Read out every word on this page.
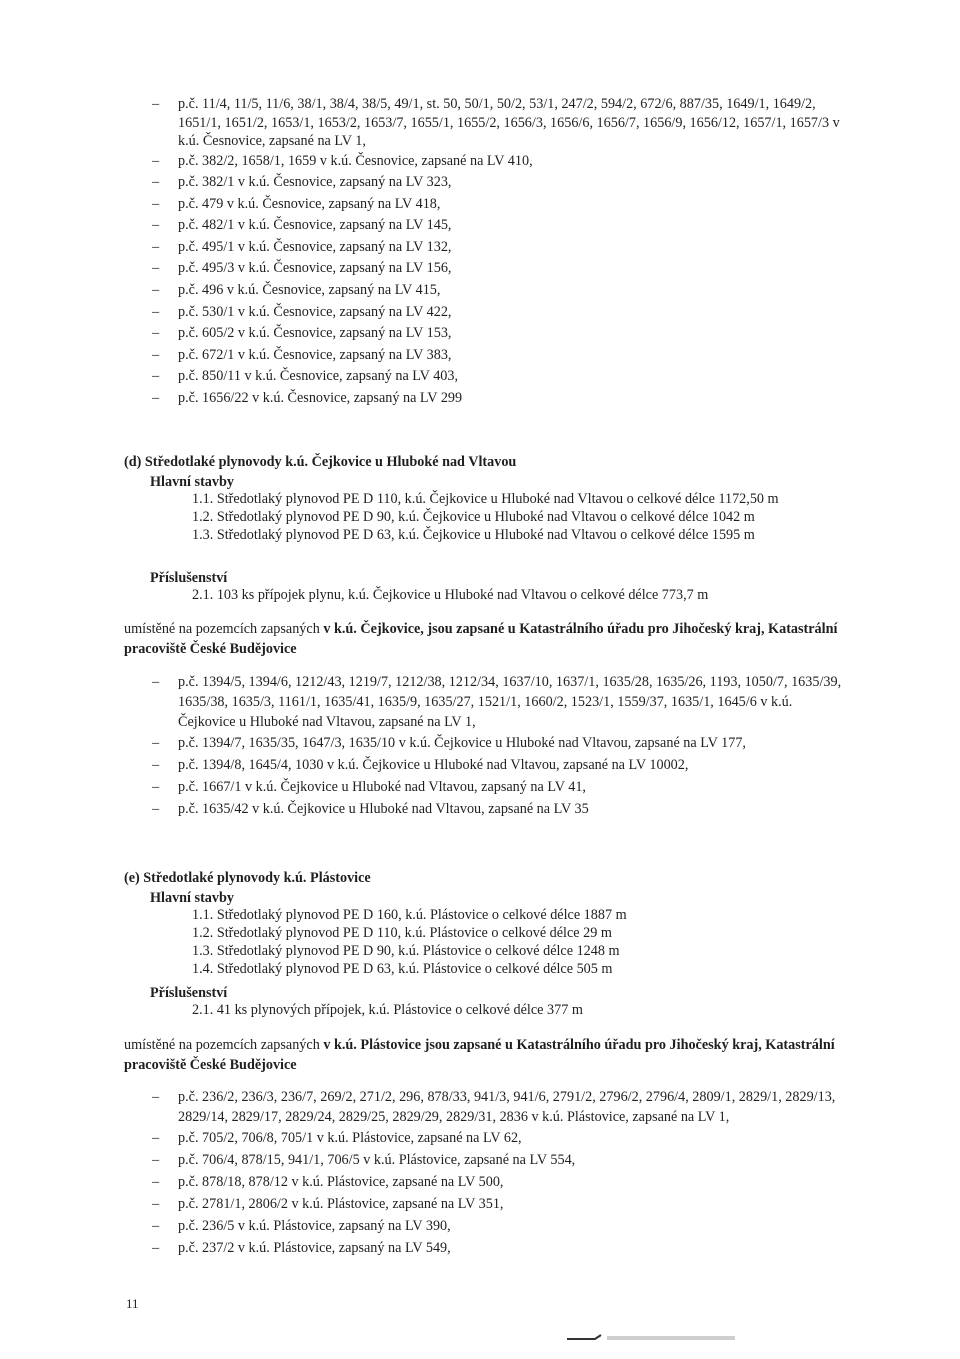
– p.č. 11/4, 11/5, 11/6, 38/1, 38/4, 38/5, 49/1, st. 50, 50/1, 50/2, 53/1, 247/2, 594/2, 672/6, 887/35, 1649/1, 1649/2, 1651/1, 1651/2, 1653/1, 1653/2, 1653/7, 1655/1, 1655/2, 1656/3, 1656/6, 1656/7, 1656/9, 1656/12, 1657/1, 1657/3 v k.ú. Česnovice, zapsané na LV 1,
– p.č. 382/2, 1658/1, 1659 v k.ú. Česnovice, zapsané na LV 410,
– p.č. 382/1 v k.ú. Česnovice, zapsaný na LV 323,
– p.č. 479 v k.ú. Česnovice, zapsaný na LV 418,
– p.č. 482/1 v k.ú. Česnovice, zapsaný na LV 145,
– p.č. 495/1 v k.ú. Česnovice, zapsaný na LV 132,
– p.č. 495/3 v k.ú. Česnovice, zapsaný na LV 156,
– p.č. 496 v k.ú. Česnovice, zapsaný na LV 415,
– p.č. 530/1 v k.ú. Česnovice, zapsaný na LV 422,
– p.č. 605/2 v k.ú. Česnovice, zapsaný na LV 153,
– p.č. 672/1 v k.ú. Česnovice, zapsaný na LV 383,
– p.č. 850/11 v k.ú. Česnovice, zapsaný na LV 403,
– p.č. 1656/22 v k.ú. Česnovice, zapsaný na LV 299
(d) Středotlaké plynovody k.ú. Čejkovice u Hluboké nad Vltavou
Hlavní stavby
1.1. Středotlaký plynovod PE D 110, k.ú. Čejkovice u Hluboké nad Vltavou o celkové délce 1172,50 m
1.2. Středotlaký plynovod PE D 90, k.ú. Čejkovice u Hluboké nad Vltavou o celkové délce 1042 m
1.3. Středotlaký plynovod PE D 63, k.ú. Čejkovice u Hluboké nad Vltavou o celkové délce 1595 m
Příslušenství
2.1. 103 ks přípojek plynu, k.ú. Čejkovice u Hluboké nad Vltavou o celkové délce 773,7 m
umístěné na pozemcích zapsaných v k.ú. Čejkovice, jsou zapsané u Katastrálního úřadu pro Jihočeský kraj, Katastrální pracoviště České Budějovice
– p.č. 1394/5, 1394/6, 1212/43, 1219/7, 1212/38, 1212/34, 1637/10, 1637/1, 1635/28, 1635/26, 1193, 1050/7, 1635/39, 1635/38, 1635/3, 1161/1, 1635/41, 1635/9, 1635/27, 1521/1, 1660/2, 1523/1, 1559/37, 1635/1, 1645/6 v k.ú. Čejkovice u Hluboké nad Vltavou, zapsané na LV 1,
– p.č. 1394/7, 1635/35, 1647/3, 1635/10 v k.ú. Čejkovice u Hluboké nad Vltavou, zapsané na LV 177,
– p.č. 1394/8, 1645/4, 1030 v k.ú. Čejkovice u Hluboké nad Vltavou, zapsané na LV 10002,
– p.č. 1667/1 v k.ú. Čejkovice u Hluboké nad Vltavou, zapsaný na LV 41,
– p.č. 1635/42 v k.ú. Čejkovice u Hluboké nad Vltavou, zapsané na LV 35
(e) Středotlaké plynovody k.ú. Plástovice
Hlavní stavby
1.1. Středotlaký plynovod PE D 160, k.ú. Plástovice o celkové délce 1887 m
1.2. Středotlaký plynovod PE D 110, k.ú. Plástovice o celkové délce 29 m
1.3. Středotlaký plynovod PE D 90, k.ú. Plástovice o celkové délce 1248 m
1.4. Středotlaký plynovod PE D 63, k.ú. Plástovice o celkové délce 505 m
Příslušenství
2.1. 41 ks plynových přípojek, k.ú. Plástovice o celkové délce 377 m
umístěné na pozemcích zapsaných v k.ú. Plástovice jsou zapsané u Katastrálního úřadu pro Jihočeský kraj, Katastrální pracoviště České Budějovice
– p.č. 236/2, 236/3, 236/7, 269/2, 271/2, 296, 878/33, 941/3, 941/6, 2791/2, 2796/2, 2796/4, 2809/1, 2829/1, 2829/13, 2829/14, 2829/17, 2829/24, 2829/25, 2829/29, 2829/31, 2836 v k.ú. Plástovice, zapsané na LV 1,
– p.č. 705/2, 706/8, 705/1 v k.ú. Plástovice, zapsané na LV 62,
– p.č. 706/4, 878/15, 941/1, 706/5 v k.ú. Plástovice, zapsané na LV 554,
– p.č. 878/18, 878/12 v k.ú. Plástovice, zapsané na LV 500,
– p.č. 2781/1, 2806/2 v k.ú. Plástovice, zapsané na LV 351,
– p.č. 236/5 v k.ú. Plástovice, zapsaný na LV 390,
– p.č. 237/2 v k.ú. Plástovice, zapsaný na LV 549,
11
